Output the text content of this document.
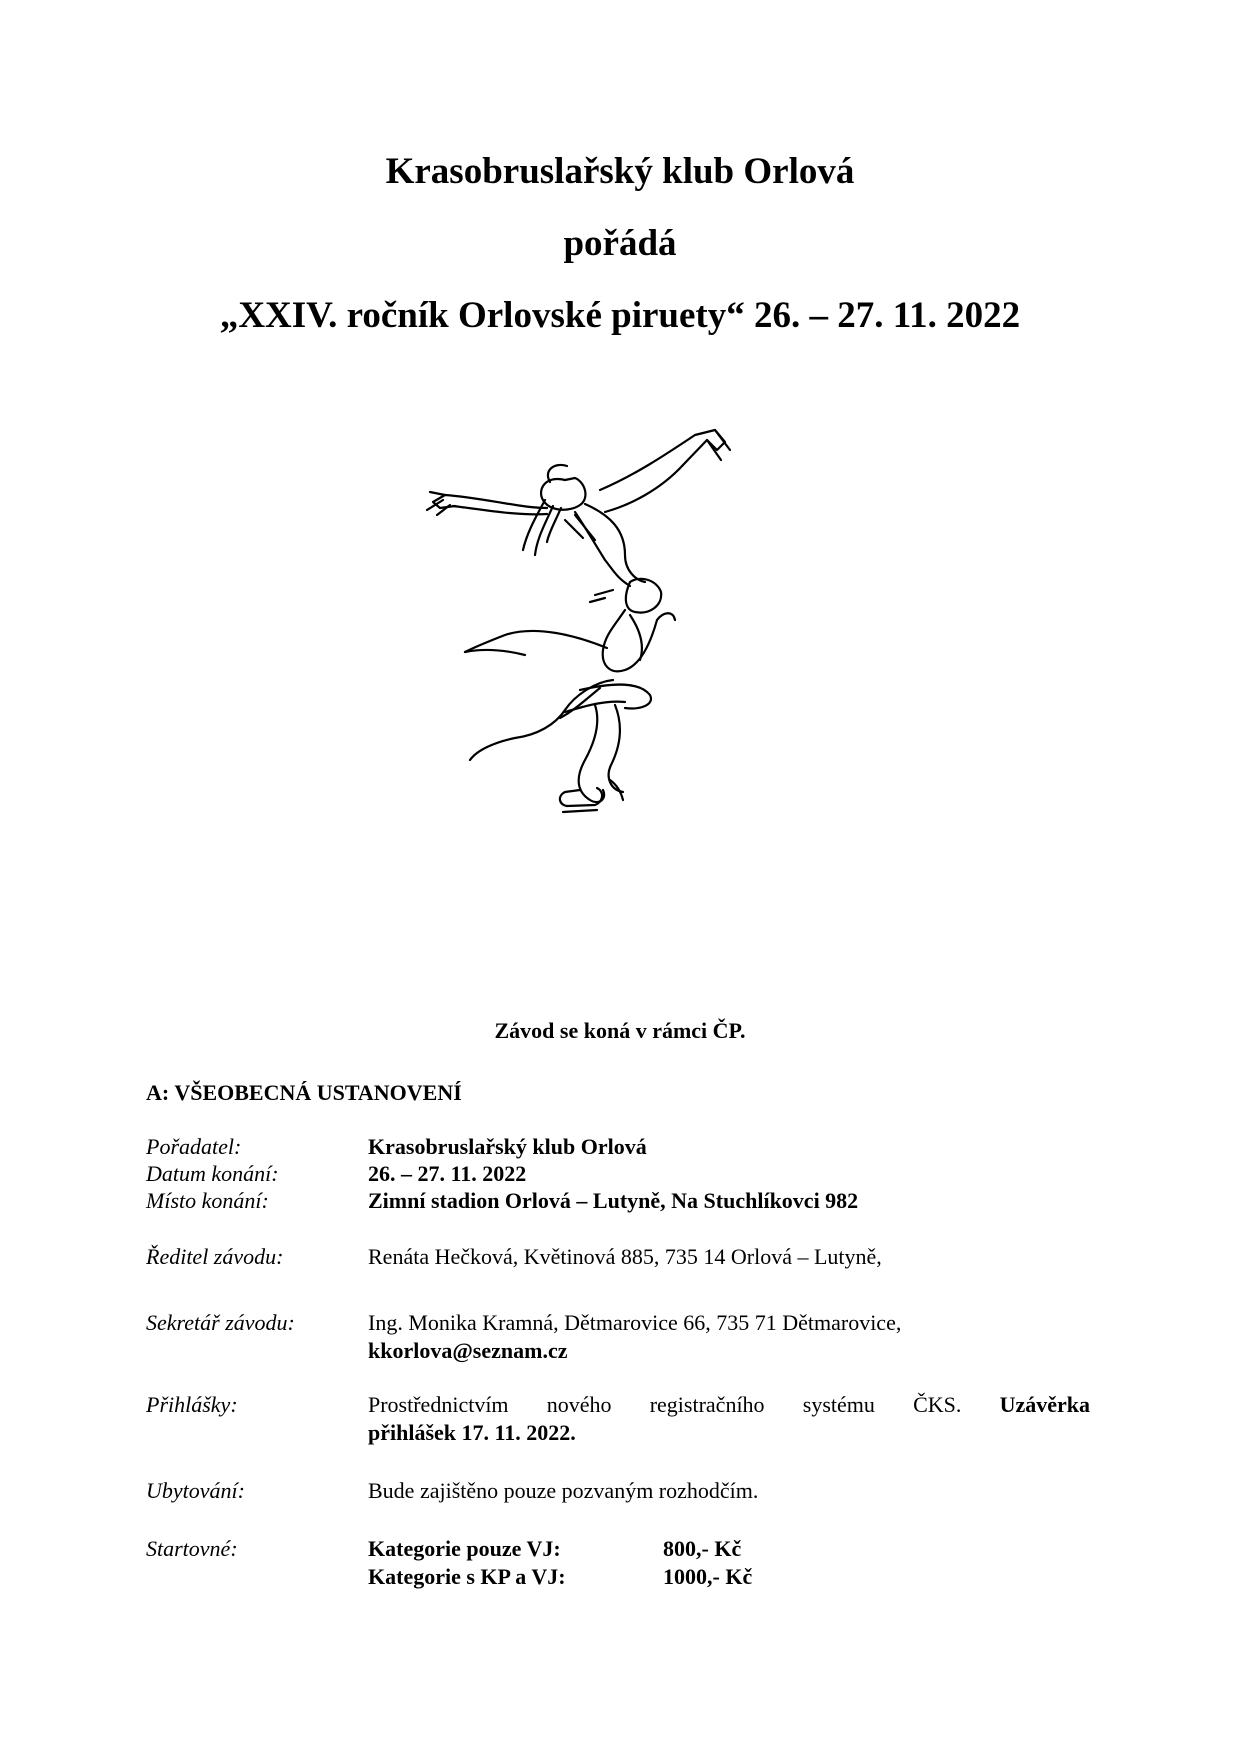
Krasobruslařský klub Orlová
pořádá
„XXIV. ročník Orlovské piruety“ 26. – 27. 11. 2022
Závod se koná v rámci ČP.
A: VŠEOBECNÁ USTANOVENÍ
Pořadatel:	Krasobruslařský klub Orlová
Datum konání:	26. – 27. 11. 2022
Místo konání:	Zimní stadion Orlová – Lutyně, Na Stuchlíkovci 982
Ředitel závodu:	Renáta Hečková, Květinová 885, 735 14 Orlová – Lutyně,
Sekretář závodu:	Ing. Monika Kramná, Dětmarovice 66, 735 71 Dětmarovice,
kkorlova@seznam.cz
Přihlášky:	Prostřednictvím nového registračního systému ČKS. Uzávěrka
přihlášek 17. 11. 2022.
Ubytování:	Bude zajištěno pouze pozvaným rozhodčím.
Startovné:	Kategorie pouze VJ:	800,- Kč
Kategorie s KP a VJ:	1000,- Kč
